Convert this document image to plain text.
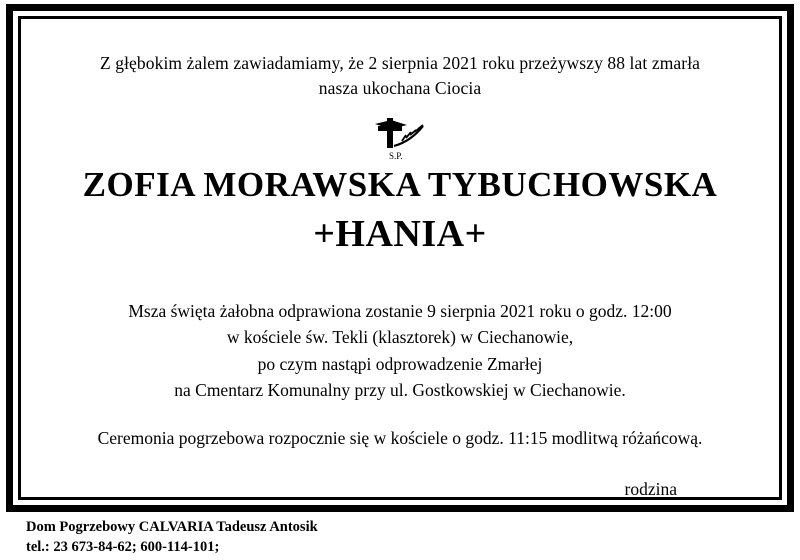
Z głębokim żalem zawiadamiamy, że 2 sierpnia 2021 roku przeżywszy 88 lat zmarła
nasza ukochana Ciocia
S.P.
ZOFIA MORAWSKA TYBUCHOWSKA
+HANIA+
Msza święta żałobna odprawiona zostanie 9 sierpnia 2021 roku o godz. 12:00
w kościele św. Tekli (klasztorek) w Ciechanowie,
po czym nastąpi odprowadzenie Zmarłej
na Cmentarz Komunalny przy ul. Gostkowskiej w Ciechanowie.
Ceremonia pogrzebowa rozpocznie się w kościele o godz. 11:15 modlitwą różańcową.
rodzina
Dom Pogrzebowy CALVARIA Tadeusz Antosik
tel.: 23 673-84-62; 600-114-101;
